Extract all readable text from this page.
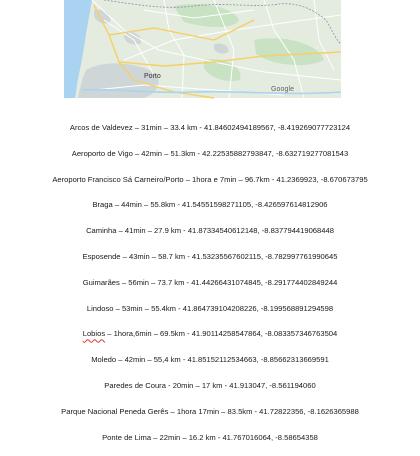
Porto
Google
Arcos de Valdevez – 31min – 33.4 km - 41.84602494189567, -8.419269077723124
Aeroporto de Vigo – 42min – 51.3km - 42.22535882793847, -8.632719277081543
Aeroporto Francisco Sá Carneiro/Porto – 1hora e 7min – 96.7km - 41.2369923, -8.670673795
Braga – 44min – 55.8km - 41.54551598271105, -8.426597614812906
Caminha – 41min – 27.9 km - 41.87334540612148, -8.837794419068448
Esposende – 43min – 58.7 km - 41.53235567602115, -8.782997761990645
Guimarães – 56min – 73.7 km - 41.44266431074845, -8.291774402849244
Lindoso – 53min – 55.4km - 41.864739104208226, -8.199568891294598
Lobios – 1hora,6min – 69.5km - 41.90114258547864, -8.083357346763504
Moledo – 42min – 55,4 km - 41.85152112534663, -8.85662313669591
Paredes de Coura - 20min – 17 km - 41.913047, -8.561194060
Parque Nacional Peneda Gerês – 1hora 17min – 83.5km - 41.72822356, -8.1626365988
Ponte de Lima – 22min – 16.2 km - 41.767016064, -8.58654358
